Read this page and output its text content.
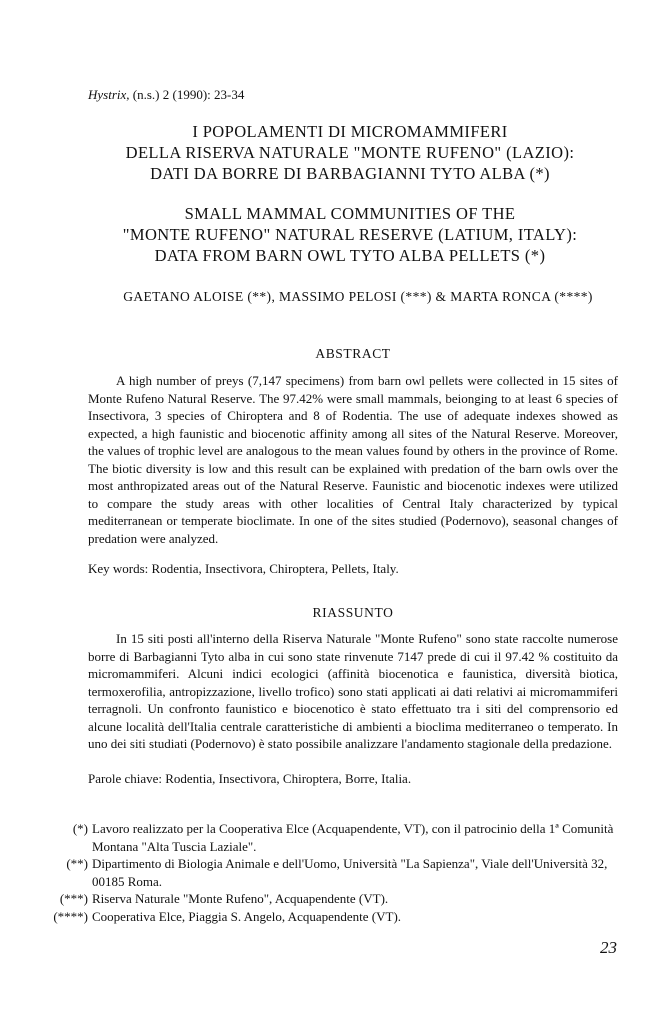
Hystrix, (n.s.) 2 (1990): 23-34
I POPOLAMENTI DI MICROMAMMIFERI
DELLA RISERVA NATURALE "MONTE RUFENO" (LAZIO):
DATI DA BORRE DI BARBAGIANNI TYTO ALBA (*)
SMALL MAMMAL COMMUNITIES OF THE
"MONTE RUFENO" NATURAL RESERVE (LATIUM, ITALY):
DATA FROM BARN OWL TYTO ALBA PELLETS (*)
GAETANO ALOISE (**), MASSIMO PELOSI (***) & MARTA RONCA (****)
ABSTRACT
A high number of preys (7,147 specimens) from barn owl pellets were collected in 15 sites of Monte Rufeno Natural Reserve. The 97.42% were small mammals, beionging to at least 6 species of Insectivora, 3 species of Chiroptera and 8 of Rodentia. The use of adequate indexes showed as expected, a high faunistic and biocenotic affinity among all sites of the Natural Reserve. Moreover, the values of trophic level are analogous to the mean values found by others in the province of Rome. The biotic diversity is low and this result can be explained with predation of the barn owls over the most anthropizated areas out of the Natural Reserve. Faunistic and biocenotic indexes were utilized to compare the study areas with other localities of Central Italy characterized by typical mediterranean or temperate bioclimate. In one of the sites studied (Podernovo), seasonal changes of predation were analyzed.
Key words: Rodentia, Insectivora, Chiroptera, Pellets, Italy.
RIASSUNTO
In 15 siti posti all'interno della Riserva Naturale "Monte Rufeno" sono state raccolte numerose borre di Barbagianni Tyto alba in cui sono state rinvenute 7147 prede di cui il 97.42 % costituito da micromammiferi. Alcuni indici ecologici (affinità biocenotica e faunistica, diversità biotica, termoxerofilia, antropizzazione, livello trofico) sono stati applicati ai dati relativi ai micromammiferi terragnoli. Un confronto faunistico e biocenotico è stato effettuato tra i siti del comprensorio ed alcune località dell'Italia centrale caratteristiche di ambienti a bioclima mediterraneo o temperato. In uno dei siti studiati (Podernovo) è stato possibile analizzare l'andamento stagionale della predazione.
Parole chiave: Rodentia, Insectivora, Chiroptera, Borre, Italia.
(*) Lavoro realizzato per la Cooperativa Elce (Acquapendente, VT), con il patrocinio della 1ª Comunità Montana "Alta Tuscia Laziale".
(**) Dipartimento di Biologia Animale e dell'Uomo, Università "La Sapienza", Viale dell'Università 32, 00185 Roma.
(***) Riserva Naturale "Monte Rufeno", Acquapendente (VT).
(****) Cooperativa Elce, Piaggia S. Angelo, Acquapendente (VT).
23
